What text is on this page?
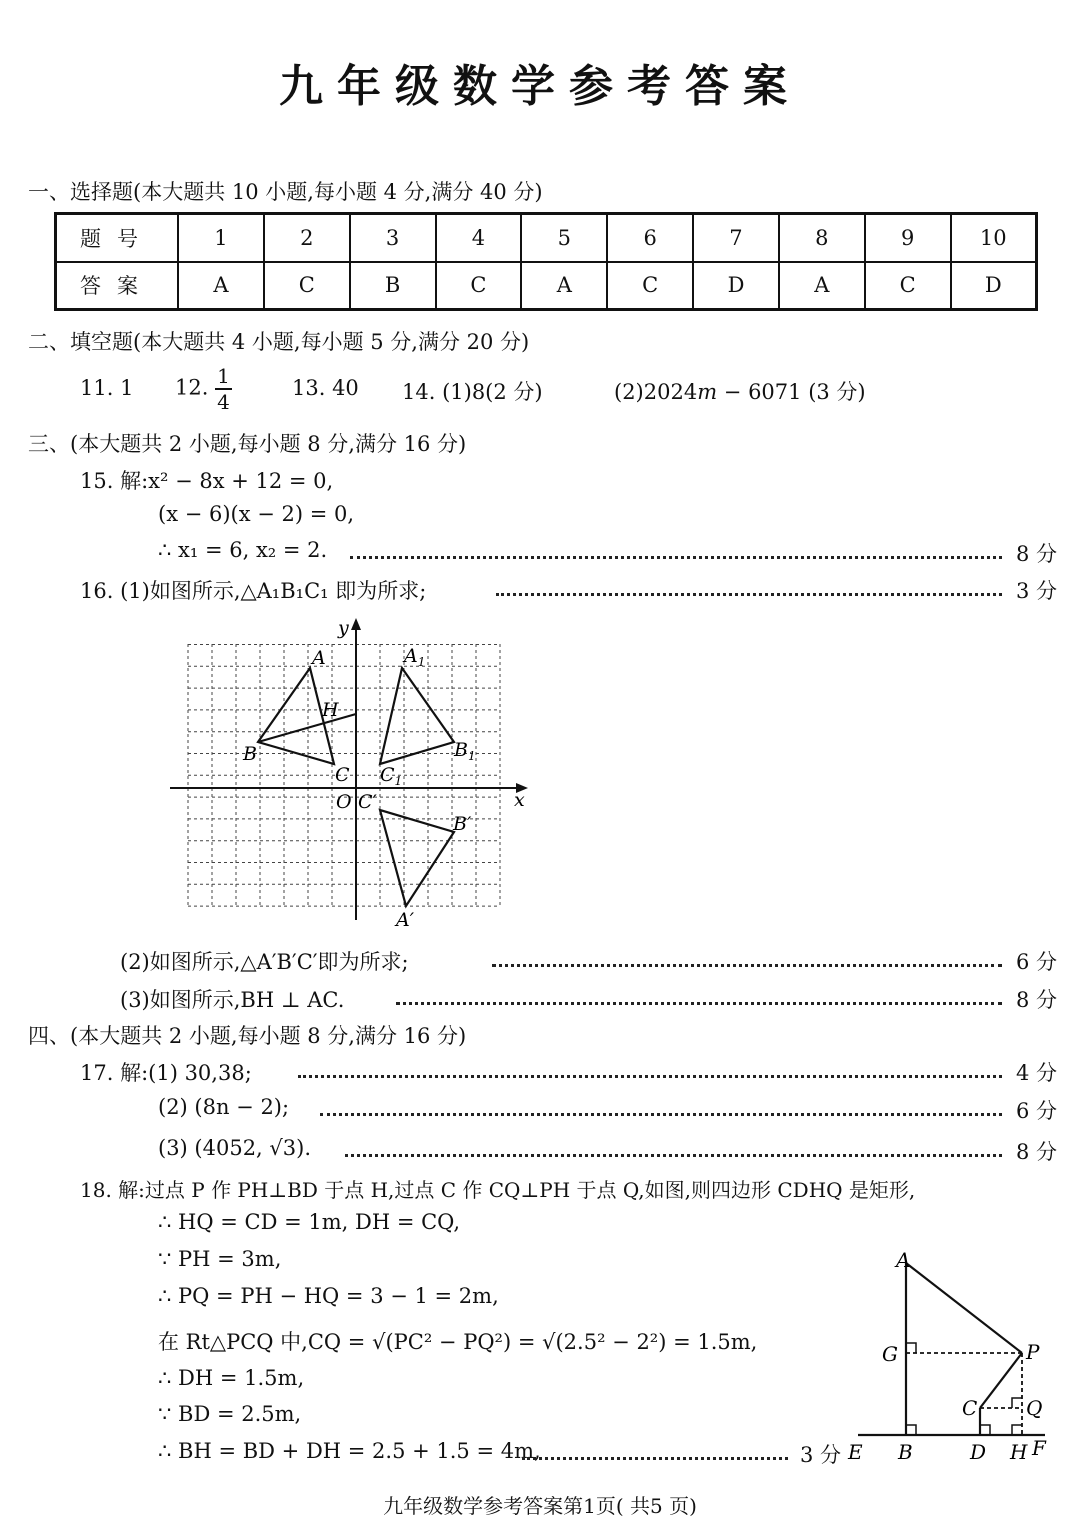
九年级数学参考答案
一、选择题(本大题共 10 小题,每小题 4 分,满分 40 分)
题号	1	2	3	4	5	6	7	8	9	10
答案	A	C	B	C	A	C	D	A	C	D
二、填空题(本大题共 4 小题,每小题 5 分,满分 20 分)
11. 1 12. $\frac{1}{4}$	13. 40 14. (1)8(2 分)	(2)2024m − 6071 (3 分)
三、(本大题共 2 小题,每小题 8 分,满分 16 分)
15. 解:x² − 8x + 12 = 0,
(x − 6)(x − 2) = 0,
∴ x₁ = 6, x₂ = 2.	8 分
16. (1)如图所示,△A₁B₁C₁ 即为所求;	3 分
A	$A_1$
H
B	$B_1$
C $C_1$
O C′
B′
A′
x
y
(2)如图所示,△A′B′C′即为所求;	6 分
(3)如图所示,BH ⊥ AC.	8 分
四、(本大题共 2 小题,每小题 8 分,满分 16 分)
17. 解:(1) 30,38;	4 分
(2) (8n − 2);	6 分
(3) (4052, √3).	8 分
18. 解:过点 P 作 PH⊥BD 于点 H,过点 C 作 CQ⊥PH 于点 Q,如图,则四边形 CDHQ 是矩形,
∴ HQ = CD = 1m, DH = CQ,
∵ PH = 3m,
∴ PQ = PH − HQ = 3 − 1 = 2m,
在 Rt△PCQ 中,CQ = √(PC² − PQ²) = √(2.5² − 2²) = 1.5m,
∴ DH = 1.5m,
∵ BD = 2.5m,
∴ BH = BD + DH = 2.5 + 1.5 = 4m,	3 分
A
G	P
C Q
E B	D H F
九年级数学参考答案第1页( 共5 页)
